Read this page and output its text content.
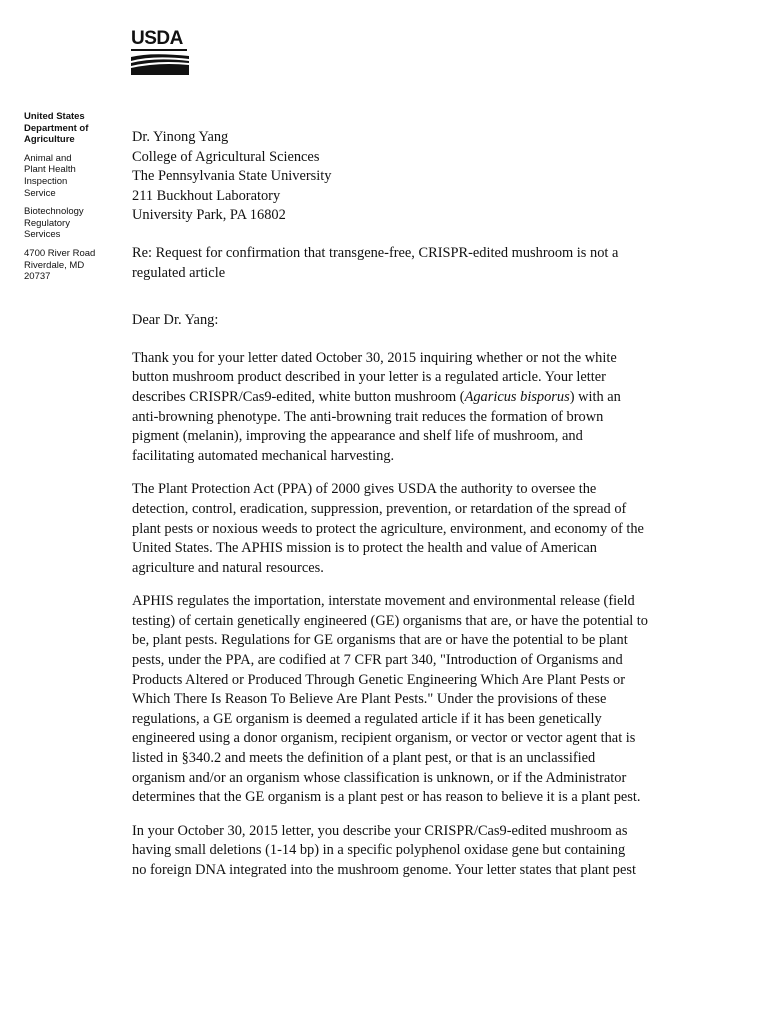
USDA
United States
Department of
Agriculture
Animal and
Plant Health
Inspection
Service
Biotechnology
Regulatory
Services
4700 River Road
Riverdale, MD
20737
Dr. Yinong Yang
College of Agricultural Sciences
The Pennsylvania State University
211 Buckhout Laboratory
University Park, PA 16802
Re: Request for confirmation that transgene-free, CRISPR-edited mushroom is not a
regulated article
Dear Dr. Yang:
Thank you for your letter dated October 30, 2015 inquiring whether or not the white
button mushroom product described in your letter is a regulated article. Your letter
describes CRISPR/Cas9-edited, white button mushroom (Agaricus bisporus) with an
anti-browning phenotype. The anti-browning trait reduces the formation of brown
pigment (melanin), improving the appearance and shelf life of mushroom, and
facilitating automated mechanical harvesting.
The Plant Protection Act (PPA) of 2000 gives USDA the authority to oversee the
detection, control, eradication, suppression, prevention, or retardation of the spread of
plant pests or noxious weeds to protect the agriculture, environment, and economy of the
United States. The APHIS mission is to protect the health and value of American
agriculture and natural resources.
APHIS regulates the importation, interstate movement and environmental release (field
testing) of certain genetically engineered (GE) organisms that are, or have the potential to
be, plant pests. Regulations for GE organisms that are or have the potential to be plant
pests, under the PPA, are codified at 7 CFR part 340, "Introduction of Organisms and
Products Altered or Produced Through Genetic Engineering Which Are Plant Pests or
Which There Is Reason To Believe Are Plant Pests." Under the provisions of these
regulations, a GE organism is deemed a regulated article if it has been genetically
engineered using a donor organism, recipient organism, or vector or vector agent that is
listed in §340.2 and meets the definition of a plant pest, or that is an unclassified
organism and/or an organism whose classification is unknown, or if the Administrator
determines that the GE organism is a plant pest or has reason to believe it is a plant pest.
In your October 30, 2015 letter, you describe your CRISPR/Cas9-edited mushroom as
having small deletions (1-14 bp) in a specific polyphenol oxidase gene but containing
no foreign DNA integrated into the mushroom genome. Your letter states that plant pest
